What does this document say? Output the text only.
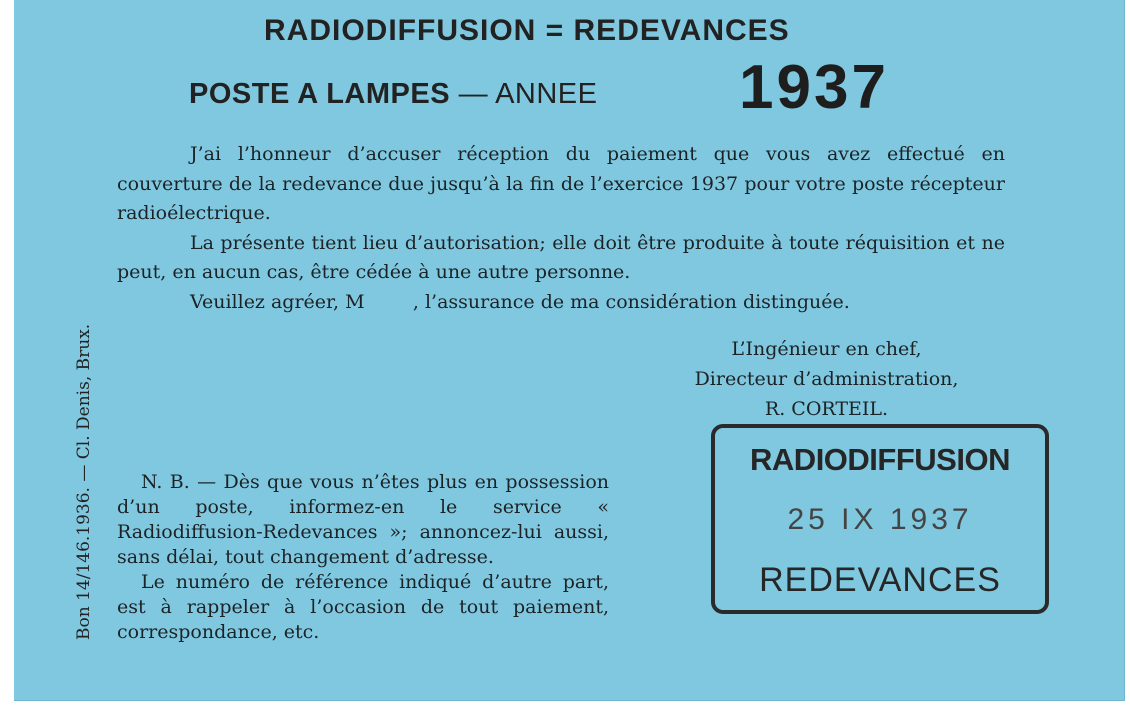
RADIODIFFUSION = REDEVANCES
POSTE A LAMPES — ANNEE 1937

J’ai l’honneur d’accuser réception du paiement que vous avez effectué en couverture de la redevance due jusqu’à la fin de l’exercice 1937 pour votre poste récepteur radioélectrique.

La présente tient lieu d’autorisation; elle doit être produite à toute réquisition et ne peut, en aucun cas, être cédée à une autre personne.

Veuillez agréer, M        , l’assurance de ma considération distinguée.

L’Ingénieur en chef,
Directeur d’administration,
R. CORTEIL.

N. B. — Dès que vous n’êtes plus en possession d’un poste, informez-en le service « Radiodiffusion-Redevances »; annoncez-lui aussi, sans délai, tout changement d’adresse.

Le numéro de référence indiqué d’autre part, est à rappeler à l’occasion de tout paiement, correspondance, etc.

Bon 14/146.1936. — Cl. Denis, Brux.	RADIODIFFUSION
25 IX 1937
REDEVANCES
